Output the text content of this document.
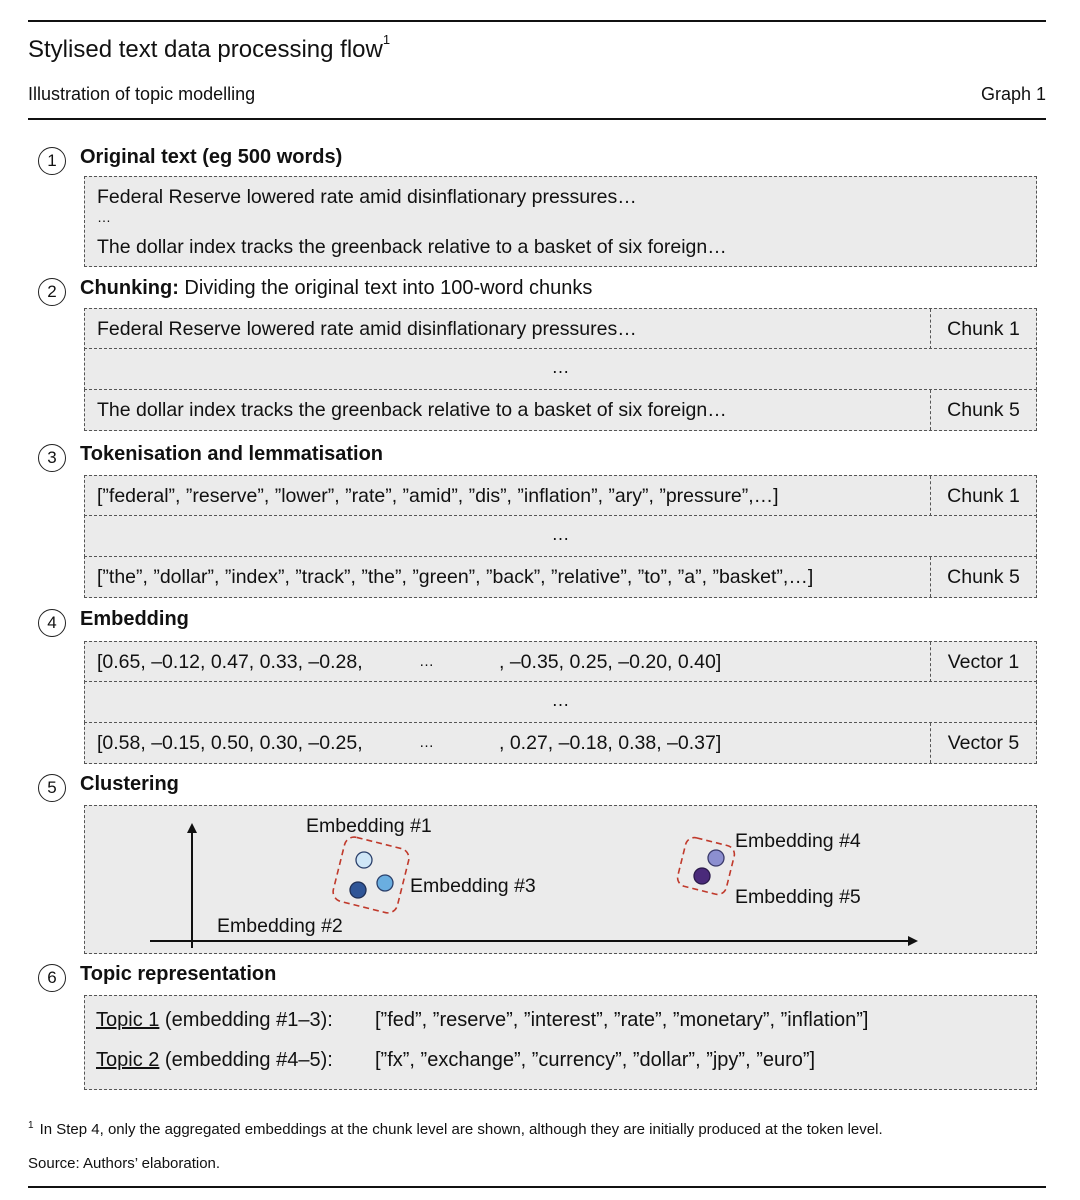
Stylised text data processing flow$^1$
Illustration of topic modelling	Graph 1
1	Original text (eg 500 words)
Federal Reserve lowered rate amid disinflationary pressures…
…
The dollar index tracks the greenback relative to a basket of six foreign…
2	Chunking: Dividing the original text into 100-word chunks
Federal Reserve lowered rate amid disinflationary pressures…	Chunk 1
…
The dollar index tracks the greenback relative to a basket of six foreign…	Chunk 5
3	Tokenisation and lemmatisation
[”federal”, ”reserve”, ”lower”, ”rate”, ”amid”, ”dis”, ”inflation”, ”ary”, ”pressure”,…]	Chunk 1
…
[”the”, ”dollar”, ”index”, ”track”, ”the”, ”green”, ”back”, ”relative”, ”to”, ”a”, ”basket”,…]	Chunk 5
4	Embedding
[0.65, –0.12, 0.47, 0.33, –0.28,	…	, –0.35, 0.25, –0.20, 0.40]	Vector 1
…
[0.58, –0.15, 0.50, 0.30, –0.25,	…	, 0.27, –0.18, 0.38, –0.37]	Vector 5
5	Clustering
Embedding #1
Embedding #2
Embedding #3
Embedding #4
Embedding #5
6	Topic representation
Topic 1 (embedding #1–3): [”fed”, ”reserve”, ”interest”, ”rate”, ”monetary”, ”inflation”]
Topic 2 (embedding #4–5): [”fx”, ”exchange”, ”currency”, ”dollar”, ”jpy”, ”euro”]
$^1$ In Step 4, only the aggregated embeddings at the chunk level are shown, although they are initially produced at the token level.
Source: Authors’ elaboration.
